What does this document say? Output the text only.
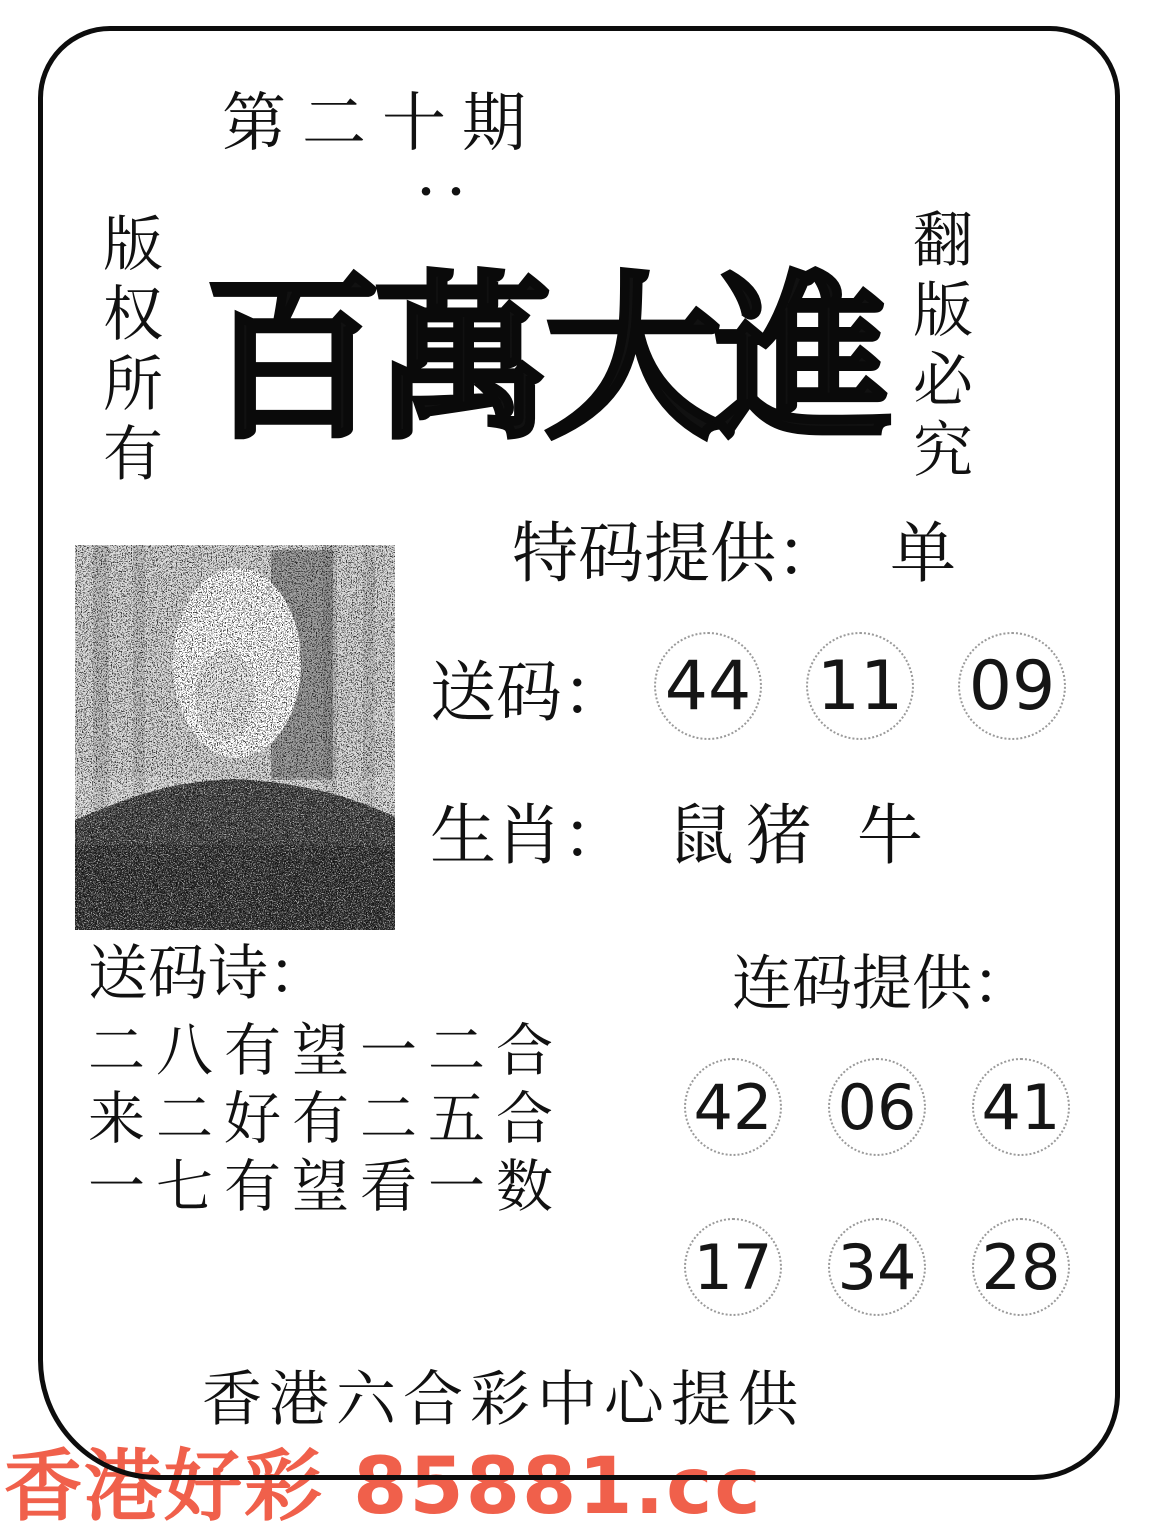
香港好彩 85881.cc
第二十期
..
版权所有	翻版必究
百萬大進
特码提供： 单
送码： 44 11 09
生肖： 鼠猪 牛
送码诗：
二八有望一二合
来二好有二五合
一七有望看一数
连码提供：
42 06 41
17 34 28
香港六合彩中心提供
